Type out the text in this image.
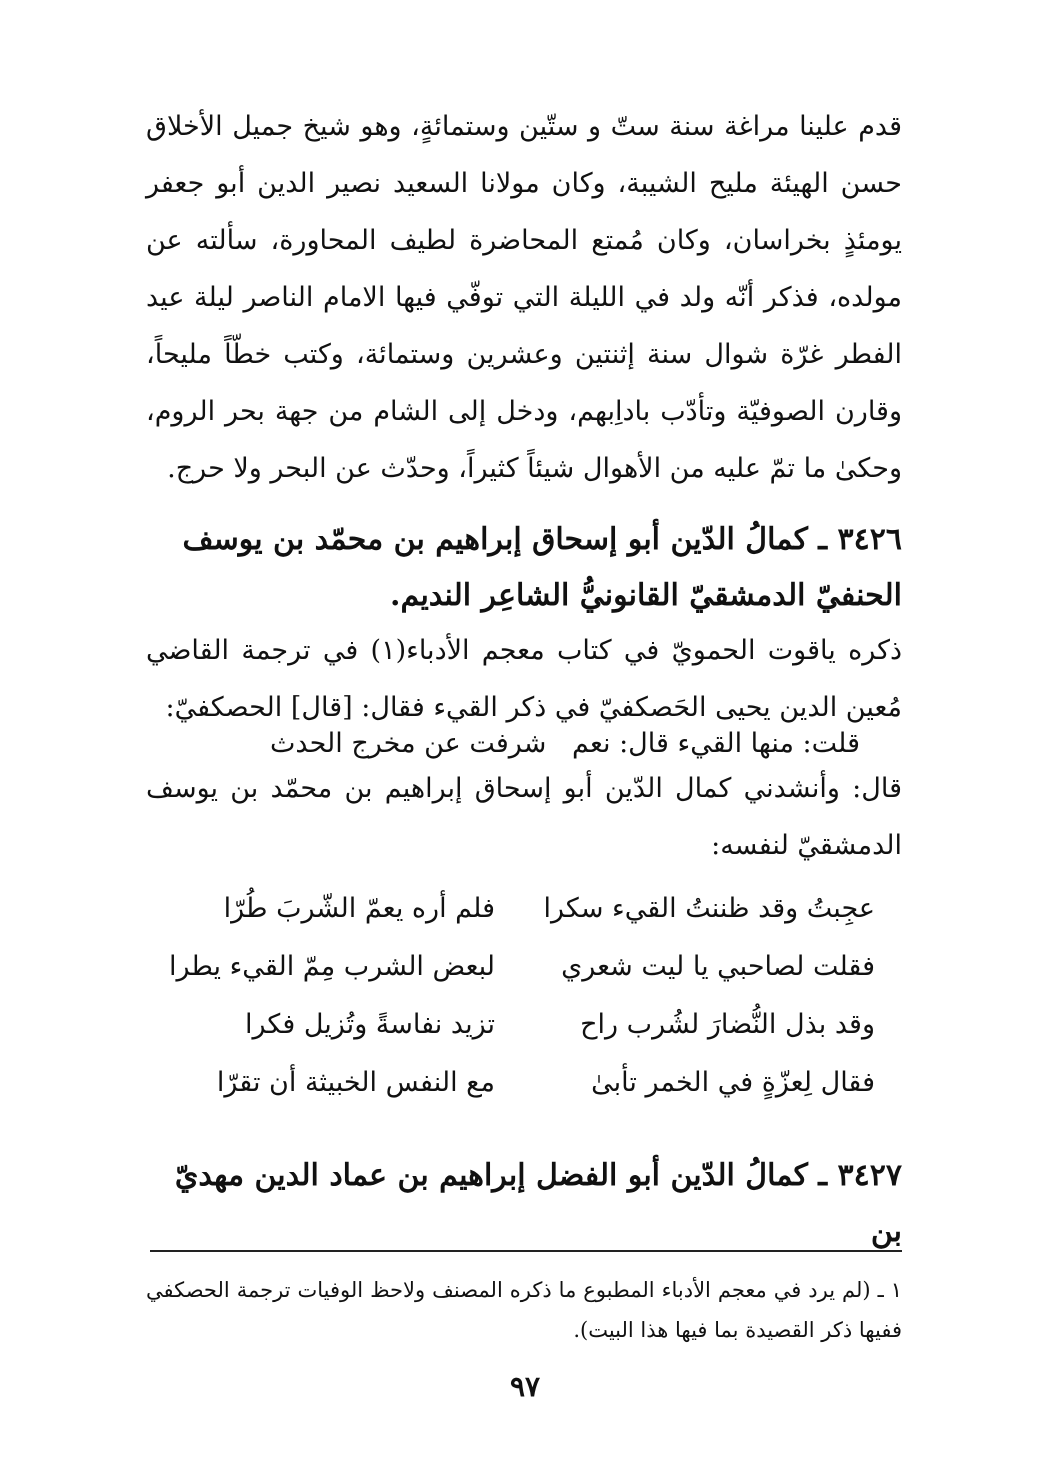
قدم علينا مراغة سنة ستّ و ستّين وستمائةٍ، وهو شيخ جميل الأخلاق حسن الهيئة مليح الشيبة، وكان مولانا السعيد نصير الدين أبو جعفر يومئذٍ بخراسان، وكان مُمتع المحاضرة لطيف المحاورة، سألته عن مولده، فذكر أنّه ولد في الليلة التي توفّي فيها الامام الناصر ليلة عيد الفطر غرّة شوال سنة إثنتين وعشرين وستمائة، وكتب خطّاً مليحاً، وقارن الصوفيّة وتأدّب باداِبهم، ودخل إلى الشام من جهة بحر الروم، وحكىٰ ما تمّ عليه من الأهوال شيئاً كثيراً، وحدّث عن البحر ولا حرج.

٣٤٢٦ ـ كمالُ الدّين أبو إسحاق إبراهيم بن محمّد بن يوسف الحنفيّ الدمشقيّ القانونيُّ الشاعِر النديم.

ذكره ياقوت الحمويّ في كتاب معجم الأدباء(١) في ترجمة القاضي مُعين الدين يحيى الحَصكفيّ في ذكر القيء فقال: [قال] الحصكفيّ:

قلت: منها القيء قال: نعم
شرفت عن مخرج الحدث

قال: وأنشدني كمال الدّين أبو إسحاق إبراهيم بن محمّد بن يوسف الدمشقيّ لنفسه:

عجِبتُ وقد ظننتُ القيء سكرا
فلم أره يعمّ الشّربَ طُرّا
فقلت لصاحبي يا ليت شعري
لبعض الشرب مِمّ القيء يطرا
وقد بذل النُّضارَ لشُرب راح
تزيد نفاسةً وتُزيل فكرا
فقال لِعزّةٍ في الخمر تأبىٰ
مع النفس الخبيثة أن تقرّا

٣٤٢٧ ـ كمالُ الدّين أبو الفضل إبراهيم بن عماد الدين مهديّ بن

١ ـ (لم يرد في معجم الأدباء المطبوع ما ذكره المصنف ولاحظ الوفيات ترجمة الحصكفي ففيها ذكر القصيدة بما فيها هذا البيت).

٩٧
